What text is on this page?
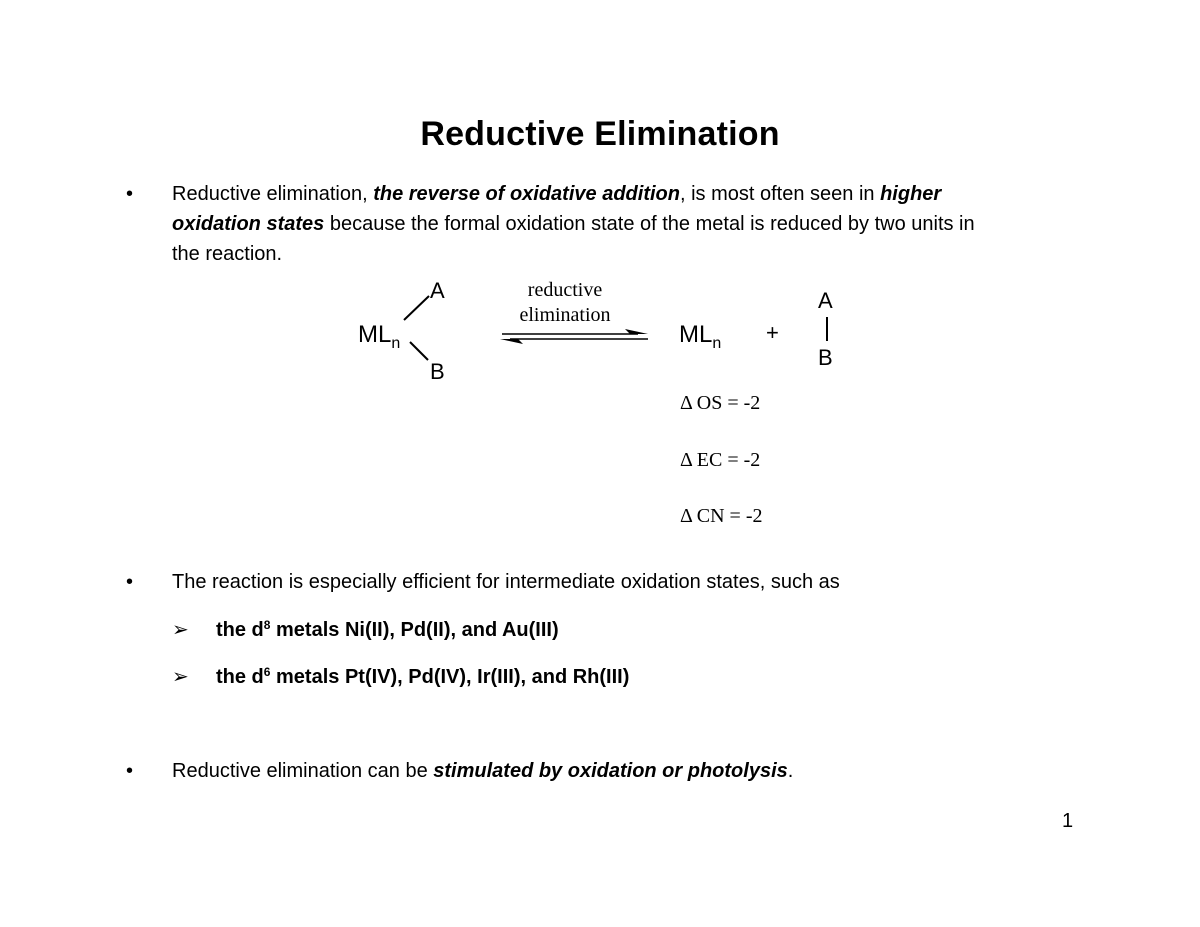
Reductive Elimination
• Reductive elimination, the reverse of oxidative addition, is most often seen in higher
oxidation states because the formal oxidation state of the metal is reduced by two units in
the reaction.
$ML_n$
A
B
reductive
elimination
$ML_n$ +
A
B
Δ OS = -2
Δ EC = -2
Δ CN = -2
• The reaction is especially efficient for intermediate oxidation states, such as
➢ the $d^8$ metals Ni(II), Pd(II), and Au(III)
➢ the $d^6$ metals Pt(IV), Pd(IV), Ir(III), and Rh(III)
• Reductive elimination can be stimulated by oxidation or photolysis.
1
